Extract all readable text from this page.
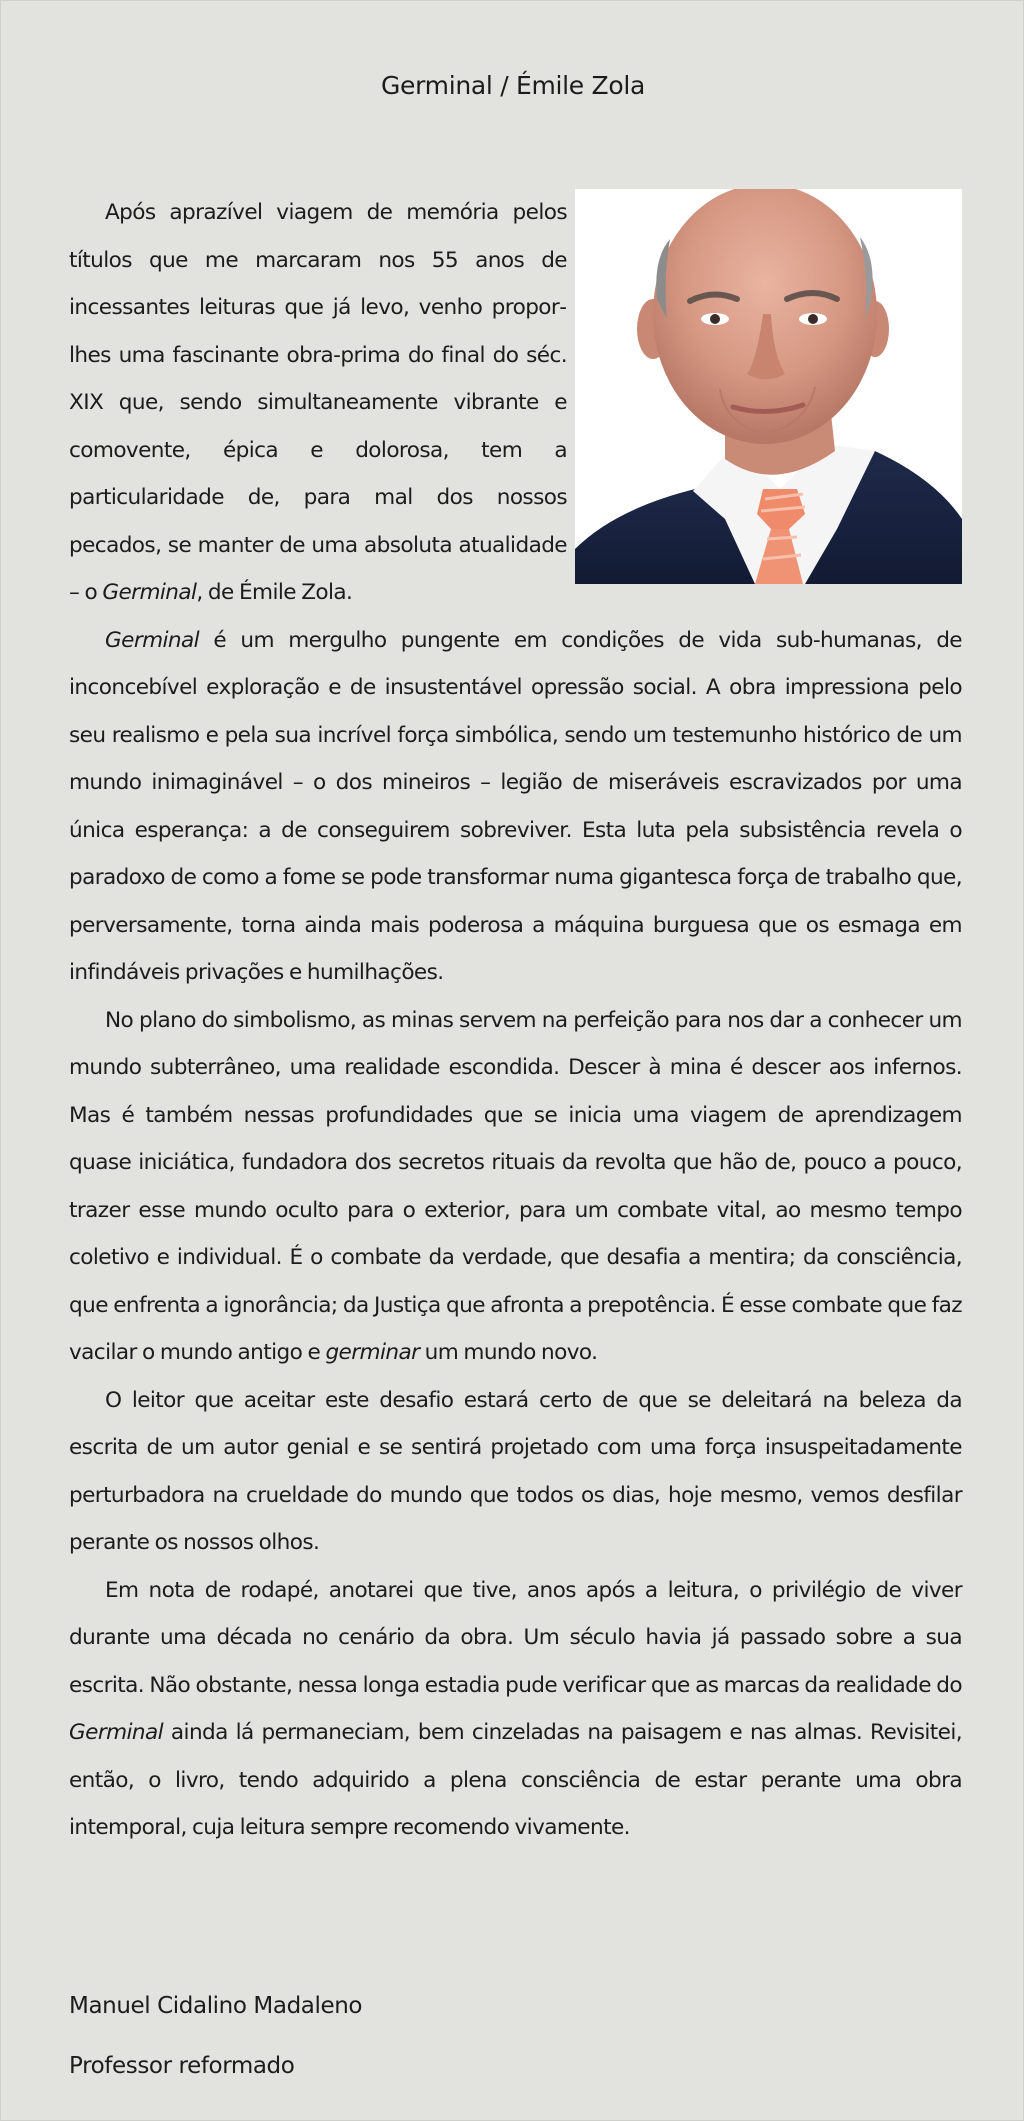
Germinal / Émile Zola

Após aprazível viagem de memória pelos títulos que me marcaram nos 55 anos de incessantes leituras que já levo, venho proporlhes uma fascinante obra-prima do final do séc. XIX que, sendo simultaneamente vibrante e comovente, épica e dolorosa, tem a particularidade de, para mal dos nossos pecados, se manter de uma absoluta atualidade – o Germinal, de Émile Zola.

Germinal é um mergulho pungente em condições de vida sub-humanas, de inconcebível exploração e de insustentável opressão social. A obra impressiona pelo seu realismo e pela sua incrível força simbólica, sendo um testemunho histórico de um mundo inimaginável – o dos mineiros – legião de miseráveis escravizados por uma única esperança: a de conseguirem sobreviver. Esta luta pela subsistência revela o paradoxo de como a fome se pode transformar numa gigantesca força de trabalho que, perversamente, torna ainda mais poderosa a máquina burguesa que os esmaga em infindáveis privações e humilhações.

No plano do simbolismo, as minas servem na perfeição para nos dar a conhecer um mundo subterrâneo, uma realidade escondida. Descer à mina é descer aos infernos. Mas é também nessas profundidades que se inicia uma viagem de aprendizagem quase iniciática, fundadora dos secretos rituais da revolta que hão de, pouco a pouco, trazer esse mundo oculto para o exterior, para um combate vital, ao mesmo tempo coletivo e individual. É o combate da verdade, que desafia a mentira; da consciência, que enfrenta a ignorância; da Justiça que afronta a prepotência. É esse combate que faz vacilar o mundo antigo e germinar um mundo novo.

O leitor que aceitar este desafio estará certo de que se deleitará na beleza da escrita de um autor genial e se sentirá projetado com uma força insuspeitadamente perturbadora na crueldade do mundo que todos os dias, hoje mesmo, vemos desfilar perante os nossos olhos.

Em nota de rodapé, anotarei que tive, anos após a leitura, o privilégio de viver durante uma década no cenário da obra. Um século havia já passado sobre a sua escrita. Não obstante, nessa longa estadia pude verificar que as marcas da realidade do Germinal ainda lá permaneciam, bem cinzeladas na paisagem e nas almas. Revisitei, então, o livro, tendo adquirido a plena consciência de estar perante uma obra intemporal, cuja leitura sempre recomendo vivamente.

Manuel Cidalino Madaleno
Professor reformado
